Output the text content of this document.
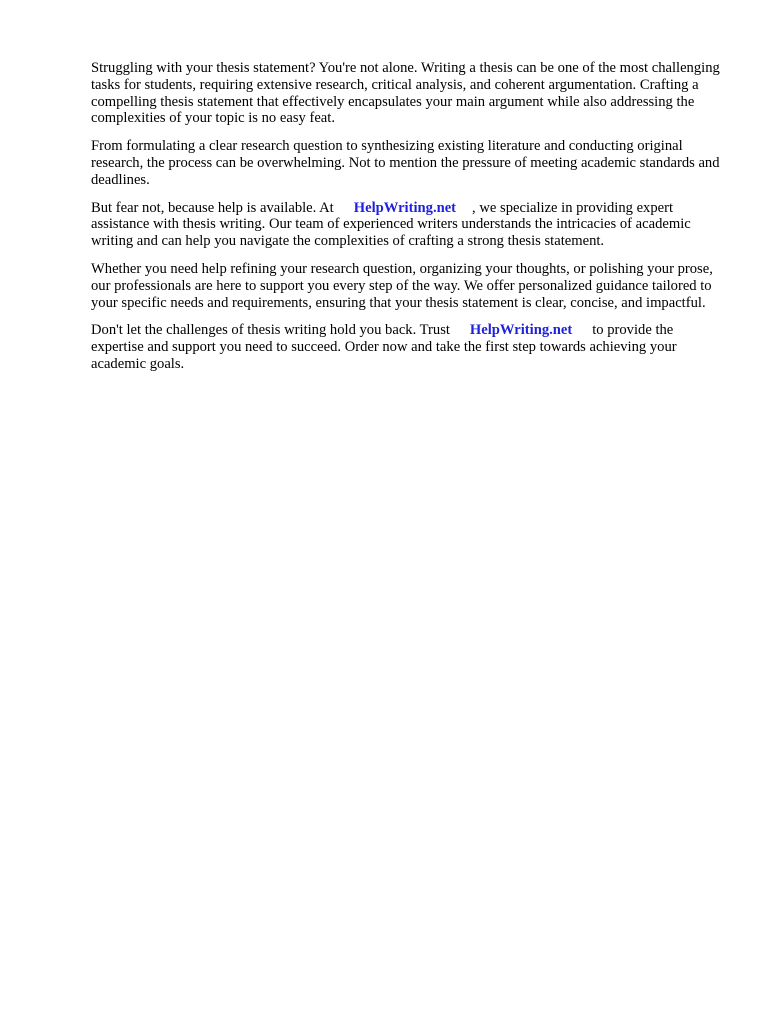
Struggling with your thesis statement? You're not alone. Writing a thesis can be one of the most challenging tasks for students, requiring extensive research, critical analysis, and coherent argumentation. Crafting a compelling thesis statement that effectively encapsulates your main argument while also addressing the complexities of your topic is no easy feat.

From formulating a clear research question to synthesizing existing literature and conducting original research, the process can be overwhelming. Not to mention the pressure of meeting academic standards and deadlines.

But fear not, because help is available. At HelpWriting.net , we specialize in providing expert assistance with thesis writing. Our team of experienced writers understands the intricacies of academic writing and can help you navigate the complexities of crafting a strong thesis statement.

Whether you need help refining your research question, organizing your thoughts, or polishing your prose, our professionals are here to support you every step of the way. We offer personalized guidance tailored to your specific needs and requirements, ensuring that your thesis statement is clear, concise, and impactful.

Don't let the challenges of thesis writing hold you back. Trust HelpWriting.net to provide the expertise and support you need to succeed. Order now and take the first step towards achieving your academic goals.
